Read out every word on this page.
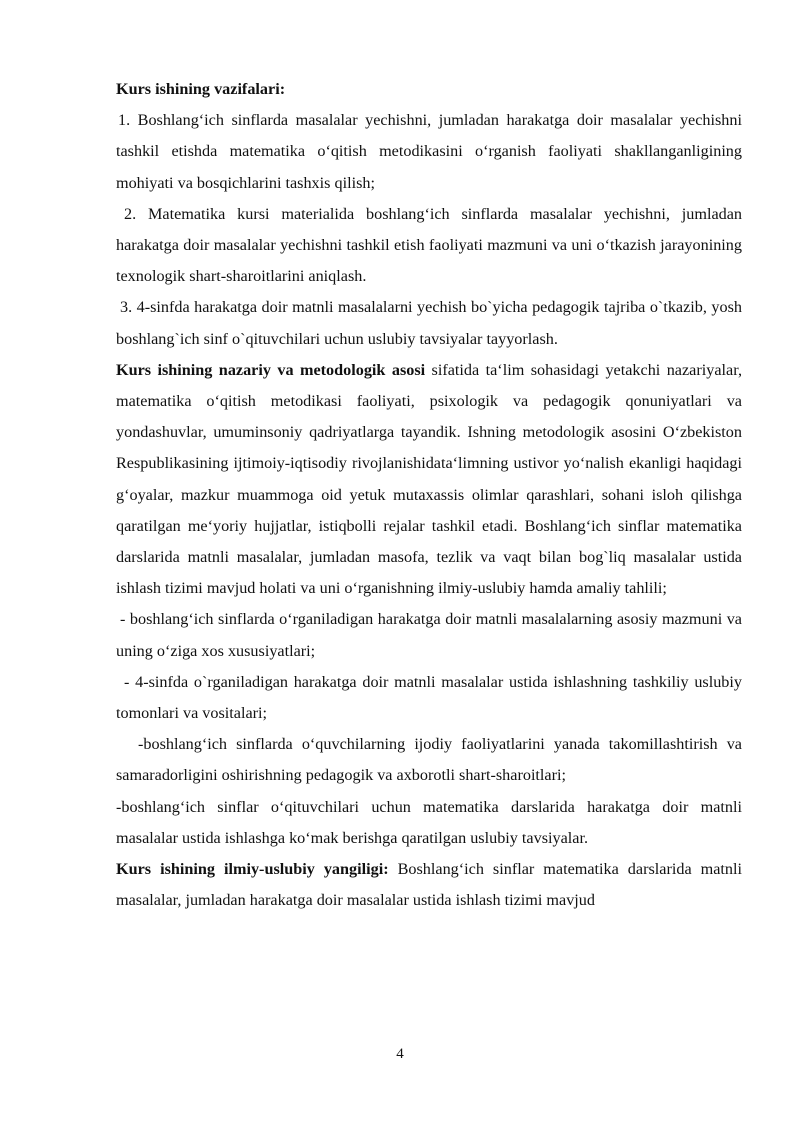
Kurs ishining vazifalari:

1. Boshlang‘ich sinflarda masalalar yechishni, jumladan harakatga doir masalalar yechishni tashkil etishda matematika o‘qitish metodikasini o‘rganish faoliyati shakllanganligining mohiyati va bosqichlarini tashxis qilish;

2. Matematika kursi materialida boshlang‘ich sinflarda masalalar yechishni, jumladan harakatga doir masalalar yechishni tashkil etish faoliyati mazmuni va uni o‘tkazish jarayonining texnologik shart-sharoitlarini aniqlash.

3. 4-sinfda harakatga doir matnli masalalarni yechish bo`yicha pedagogik tajriba o`tkazib, yosh boshlang`ich sinf o`qituvchilari uchun uslubiy tavsiyalar tayyorlash.

Kurs ishining nazariy va metodologik asosi sifatida ta‘lim sohasidagi yetakchi nazariyalar, matematika o‘qitish metodikasi faoliyati, psixologik va pedagogik qonuniyatlari va yondashuvlar, umuminsoniy qadriyatlarga tayandik. Ishning metodologik asosini O‘zbekiston Respublikasining ijtimoiy-iqtisodiy rivojlanishidata‘limning ustivor yo‘nalish ekanligi haqidagi g‘oyalar, mazkur muammoga oid yetuk mutaxassis olimlar qarashlari, sohani isloh qilishga qaratilgan me‘yoriy hujjatlar, istiqbolli rejalar tashkil etadi. Boshlang‘ich sinflar matematika darslarida matnli masalalar, jumladan masofa, tezlik va vaqt bilan bog`liq masalalar ustida ishlash tizimi mavjud holati va uni o‘rganishning ilmiy-uslubiy hamda amaliy tahlili;

- boshlang‘ich sinflarda o‘rganiladigan harakatga doir matnli masalalarning asosiy mazmuni va uning o‘ziga xos xususiyatlari;

- 4-sinfda o`rganiladigan harakatga doir matnli masalalar ustida ishlashning tashkiliy uslubiy tomonlari va vositalari;

-boshlang‘ich sinflarda o‘quvchilarning ijodiy faoliyatlarini yanada takomillashtirish va samaradorligini oshirishning pedagogik va axborotli shart-sharoitlari;

-boshlang‘ich sinflar o‘qituvchilari uchun matematika darslarida harakatga doir matnli masalalar ustida ishlashga ko‘mak berishga qaratilgan uslubiy tavsiyalar.

Kurs ishining ilmiy-uslubiy yangiligi: Boshlang‘ich sinflar matematika darslarida matnli masalalar, jumladan harakatga doir masalalar ustida ishlash tizimi mavjud

4
